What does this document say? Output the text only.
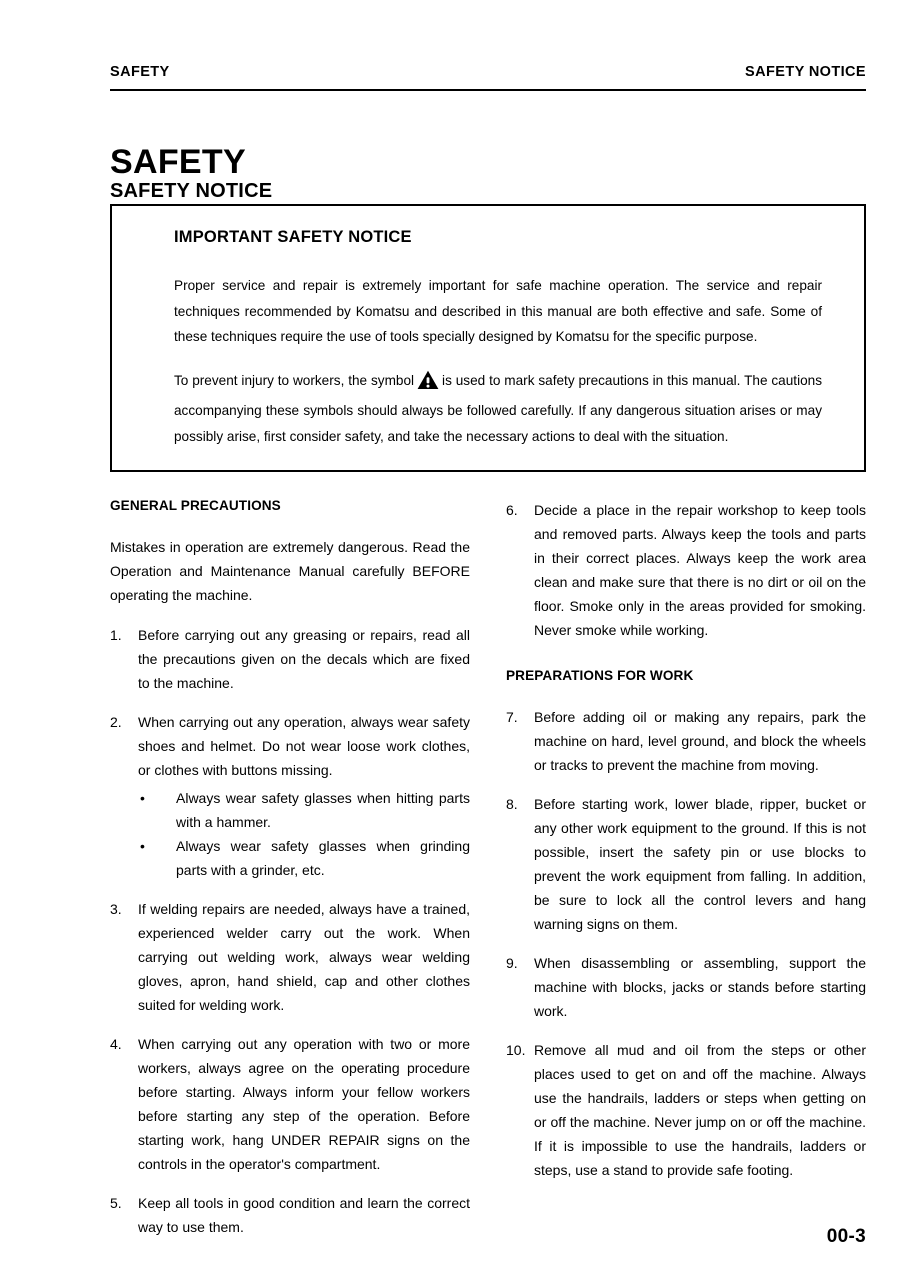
SAFETY	SAFETY NOTICE
SAFETY
SAFETY NOTICE
IMPORTANT SAFETY NOTICE

Proper service and repair is extremely important for safe machine operation. The service and repair techniques recommended by Komatsu and described in this manual are both effective and safe. Some of these techniques require the use of tools specially designed by Komatsu for the specific purpose.

To prevent injury to workers, the symbol is used to mark safety precautions in this manual. The cautions accompanying these symbols should always be followed carefully. If any dangerous situation arises or may possibly arise, first consider safety, and take the necessary actions to deal with the situation.

GENERAL PRECAUTIONS

Mistakes in operation are extremely dangerous. Read the Operation and Maintenance Manual carefully BEFORE operating the machine.

1.	Before carrying out any greasing or repairs, read all the precautions given on the decals which are fixed to the machine.
2.	When carrying out any operation, always wear safety shoes and helmet. Do not wear loose work clothes, or clothes with buttons missing.
• Always wear safety glasses when hitting parts with a hammer.
• Always wear safety glasses when grinding parts with a grinder, etc.
3.	If welding repairs are needed, always have a trained, experienced welder carry out the work. When carrying out welding work, always wear welding gloves, apron, hand shield, cap and other clothes suited for welding work.
4.	When carrying out any operation with two or more workers, always agree on the operating procedure before starting. Always inform your fellow workers before starting any step of the operation. Before starting work, hang UNDER REPAIR signs on the controls in the operator's compartment.
5.	Keep all tools in good condition and learn the correct way to use them.
6.	Decide a place in the repair workshop to keep tools and removed parts. Always keep the tools and parts in their correct places. Always keep the work area clean and make sure that there is no dirt or oil on the floor. Smoke only in the areas provided for smoking. Never smoke while working.
PREPARATIONS FOR WORK
7.	Before adding oil or making any repairs, park the machine on hard, level ground, and block the wheels or tracks to prevent the machine from moving.
8.	Before starting work, lower blade, ripper, bucket or any other work equipment to the ground. If this is not possible, insert the safety pin or use blocks to prevent the work equipment from falling. In addition, be sure to lock all the control levers and hang warning signs on them.
9.	When disassembling or assembling, support the machine with blocks, jacks or stands before starting work.
10. Remove all mud and oil from the steps or other places used to get on and off the machine. Always use the handrails, ladders or steps when getting on or off the machine. Never jump on or off the machine. If it is impossible to use the handrails, ladders or steps, use a stand to provide safe footing.
00-3
